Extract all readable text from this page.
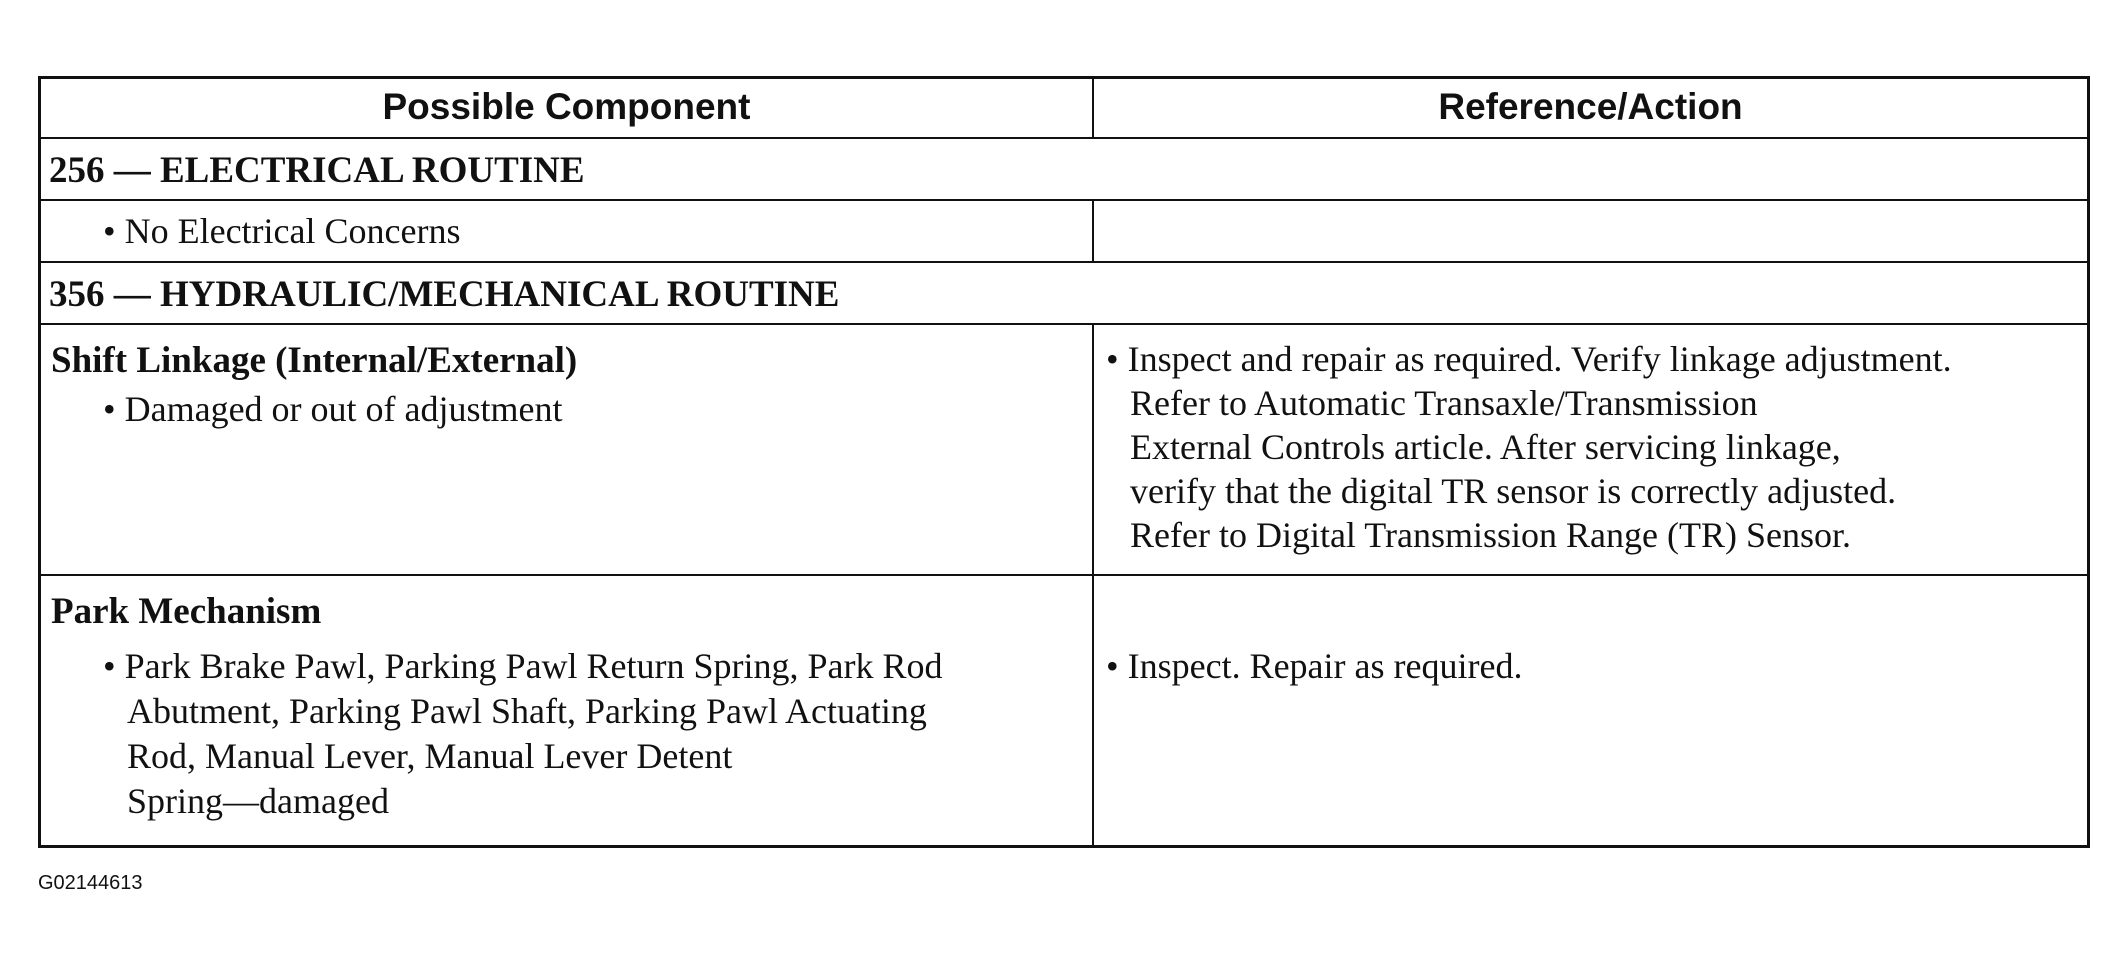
Possible Component	Reference/Action
256 — ELECTRICAL ROUTINE
• No Electrical Concerns
356 — HYDRAULIC/MECHANICAL ROUTINE
Shift Linkage (Internal/External)
• Damaged or out of adjustment
• Inspect and repair as required. Verify linkage adjustment.
Refer to Automatic Transaxle/Transmission
External Controls article. After servicing linkage,
verify that the digital TR sensor is correctly adjusted.
Refer to Digital Transmission Range (TR) Sensor.
Park Mechanism
• Park Brake Pawl, Parking Pawl Return Spring, Park Rod
Abutment, Parking Pawl Shaft, Parking Pawl Actuating
Rod, Manual Lever, Manual Lever Detent
Spring—damaged
• Inspect. Repair as required.
G02144613
